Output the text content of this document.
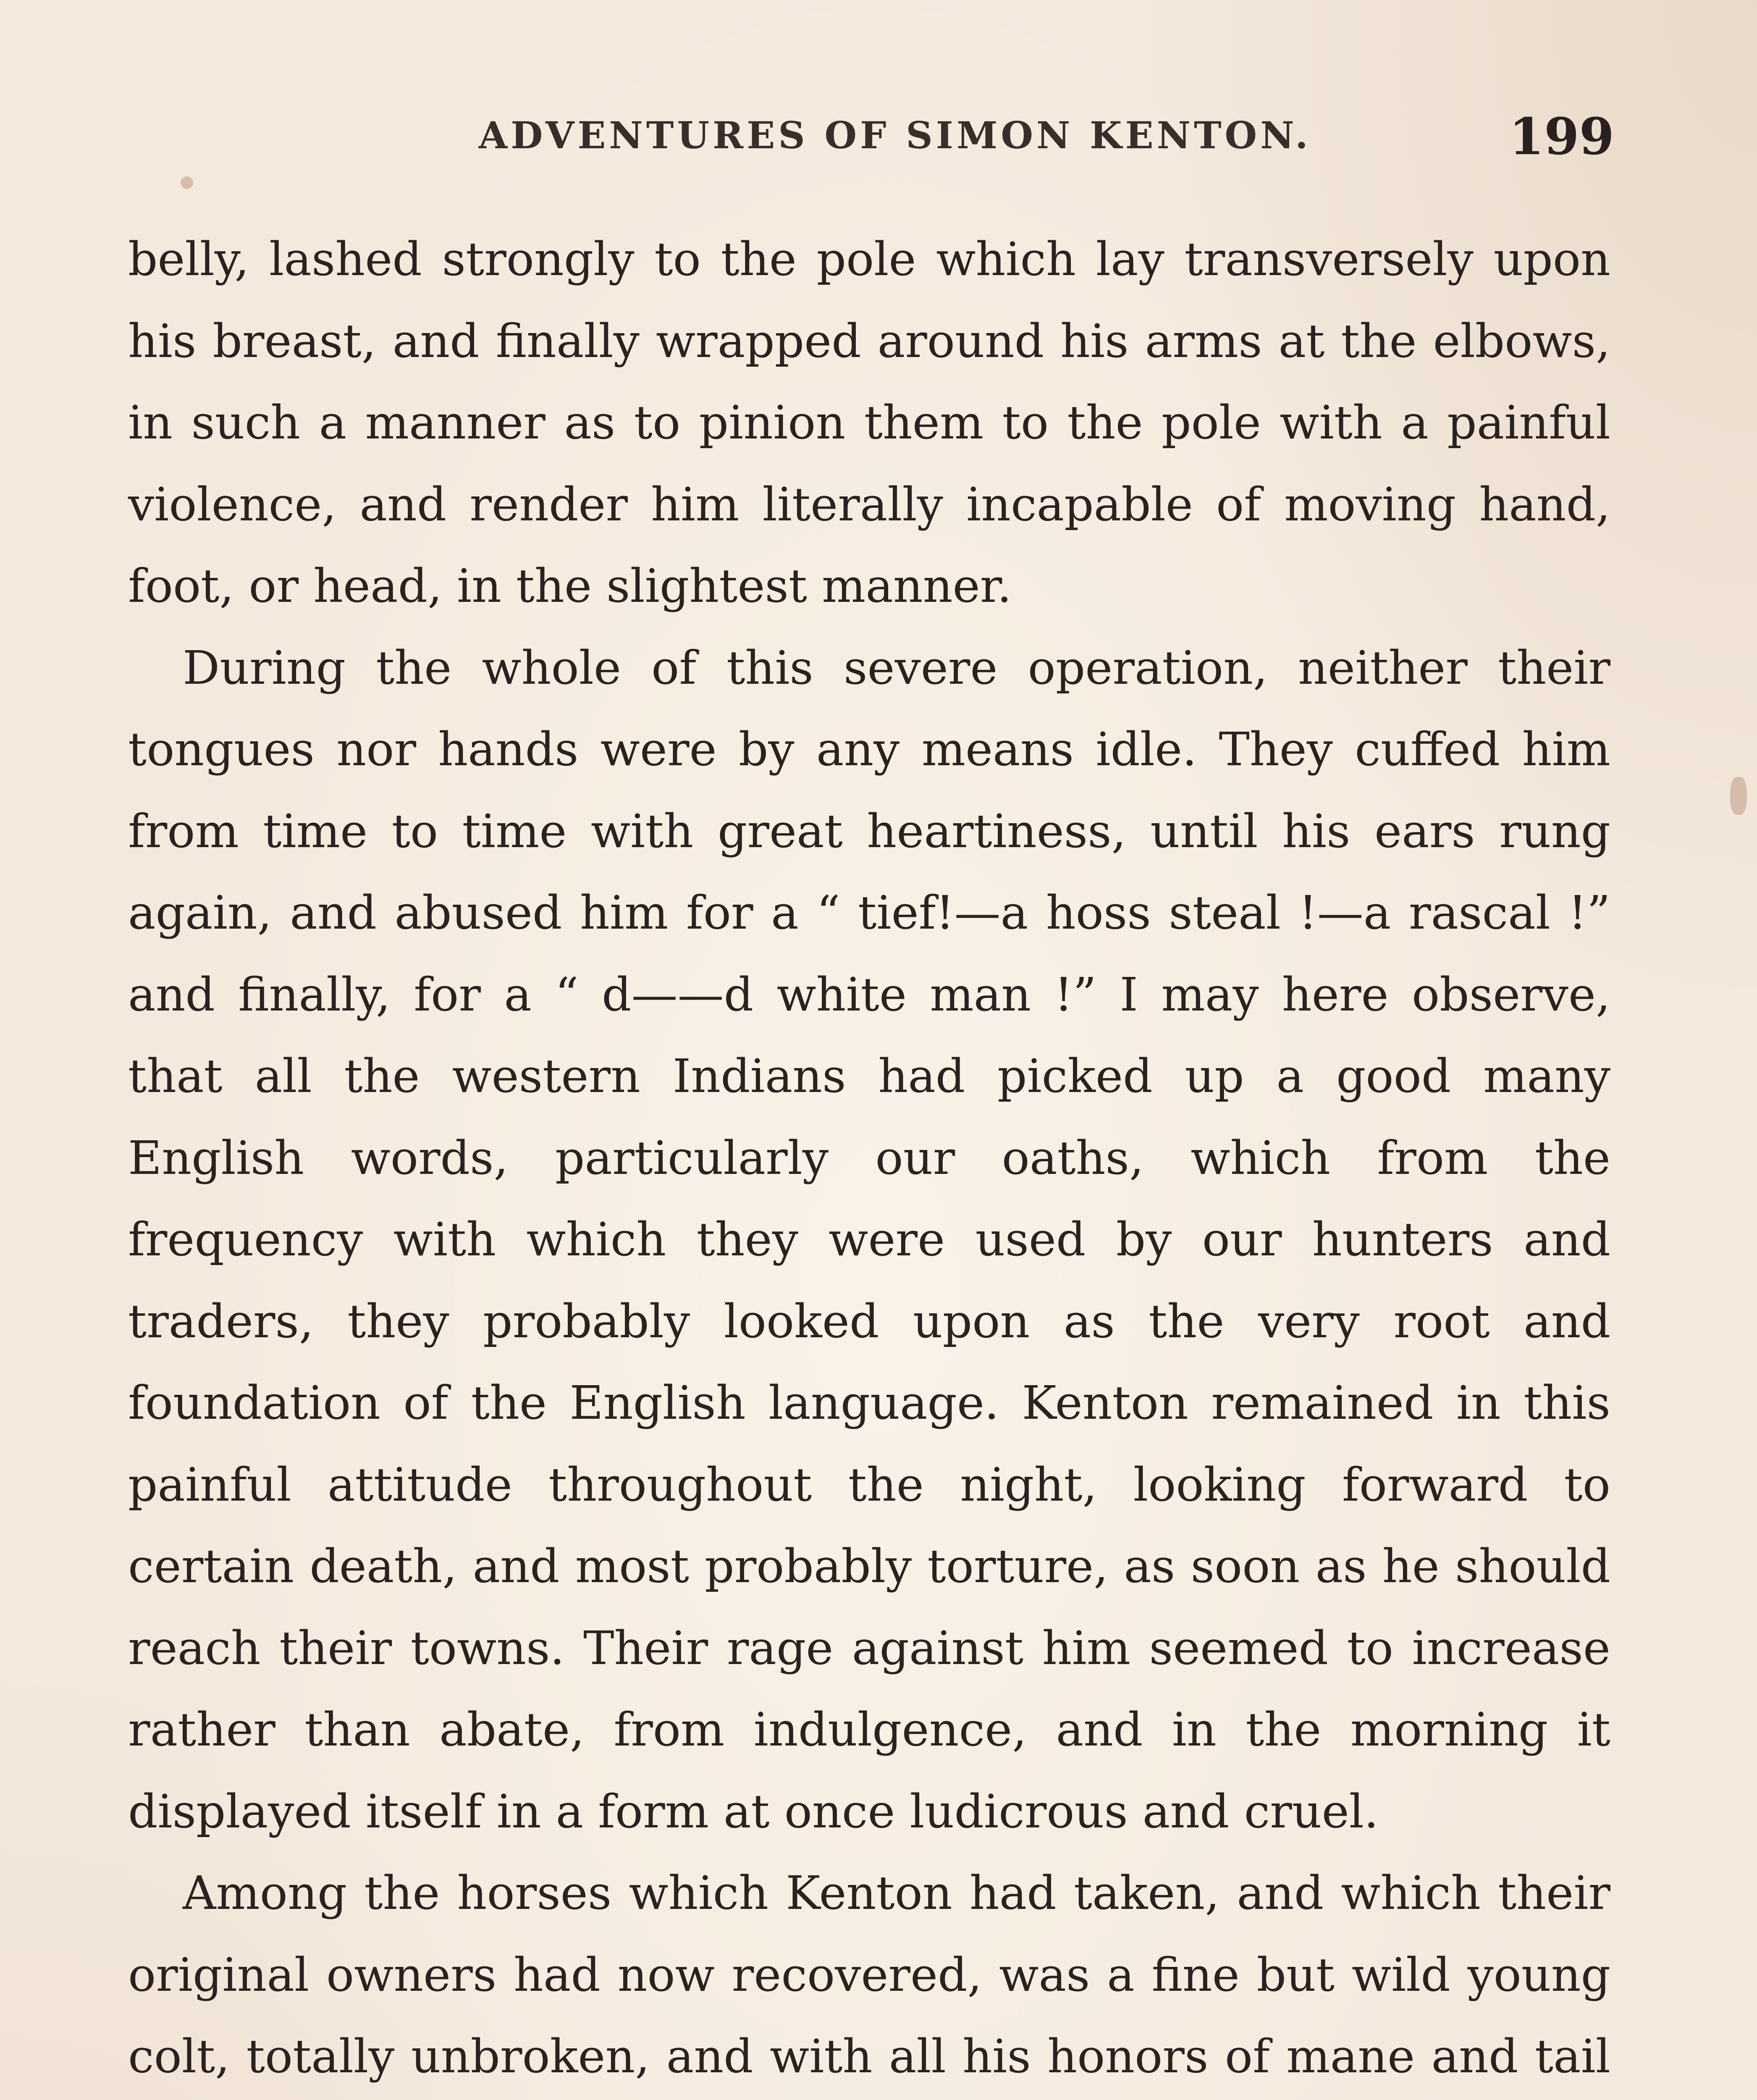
ADVENTURES OF SIMON KENTON.	199

belly, lashed strongly to the pole which lay transversely upon his breast, and finally wrapped around his arms at the elbows, in such a manner as to pinion them to the pole with a painful violence, and render him literally incapable of moving hand, foot, or head, in the slightest manner.

During the whole of this severe operation, neither their tongues nor hands were by any means idle. They cuffed him from time to time with great heartiness, until his ears rung again, and abused him for a “ tief!—a hoss steal !—a rascal !” and finally, for a “ d——d white man !” I may here observe, that all the western Indians had picked up a good many English words, particularly our oaths, which from the frequency with which they were used by our hunters and traders, they probably looked upon as the very root and foundation of the English language. Kenton remained in this painful attitude throughout the night, looking forward to certain death, and most probably torture, as soon as he should reach their towns. Their rage against him seemed to increase rather than abate, from indulgence, and in the morning it displayed itself in a form at once ludicrous and cruel.

Among the horses which Kenton had taken, and which their original owners had now recovered, was a fine but wild young colt, totally unbroken, and with all his honors of mane and tail
